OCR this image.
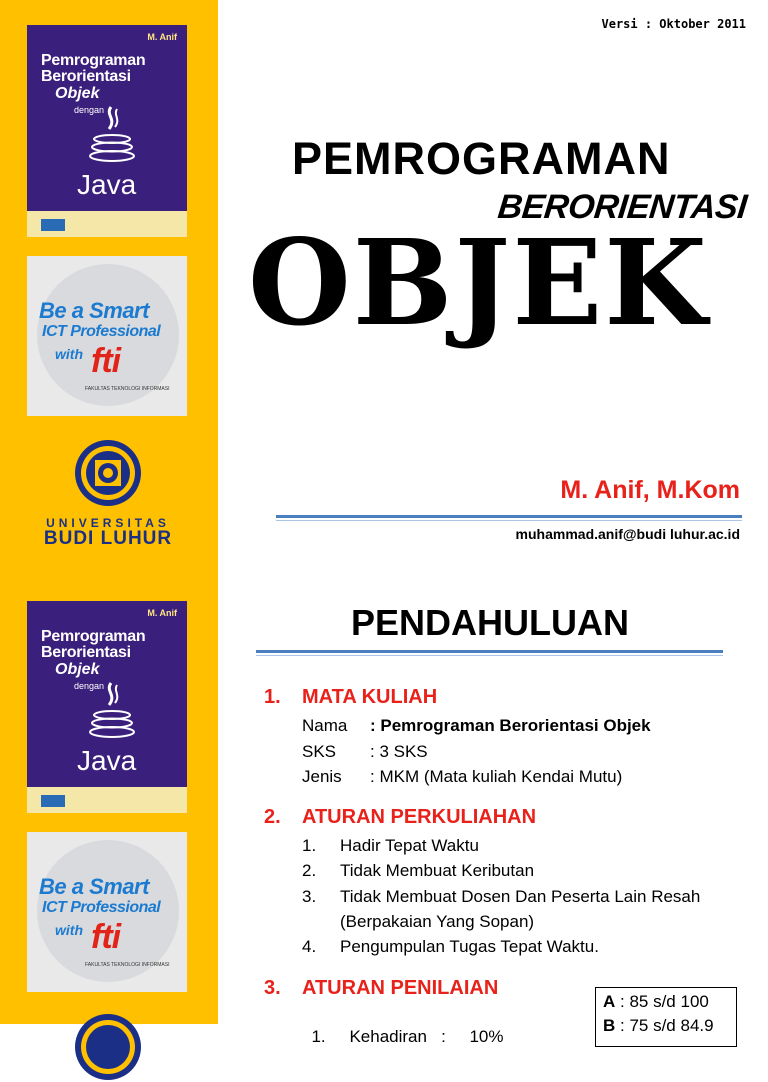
M. Anif
Pemrograman
Berorientasi
Objek
dengan
Java
Be a Smart
ICT Professional
with fti
FAKULTAS TEKNOLOGI INFORMASI
UNIVERSITAS
BUDI LUHUR
M. Anif
Pemrograman
Berorientasi
Objek
dengan
Java
Be a Smart
ICT Professional
with fti
FAKULTAS TEKNOLOGI INFORMASI
Versi : Oktober 2011
PEMROGRAMAN
BERORIENTASI
OBJEK
M. Anif, M.Kom
muhammad.anif@budi luhur.ac.id
PENDAHULUAN
1. MATA KULIAH
Nama : Pemrograman Berorientasi Objek
SKS : 3 SKS
Jenis : MKM (Mata kuliah Kendai Mutu)
2. ATURAN PERKULIAHAN
1. Hadir Tepat Waktu
2. Tidak Membuat Keributan
3. Tidak Membuat Dosen Dan Peserta Lain Resah
(Berpakaian Yang Sopan)
4. Pengumpulan Tugas Tepat Waktu.
3. ATURAN PENILAIAN

1. Kehadiran   :     10%

A : 85 s/d 100
B : 75 s/d 84.9
